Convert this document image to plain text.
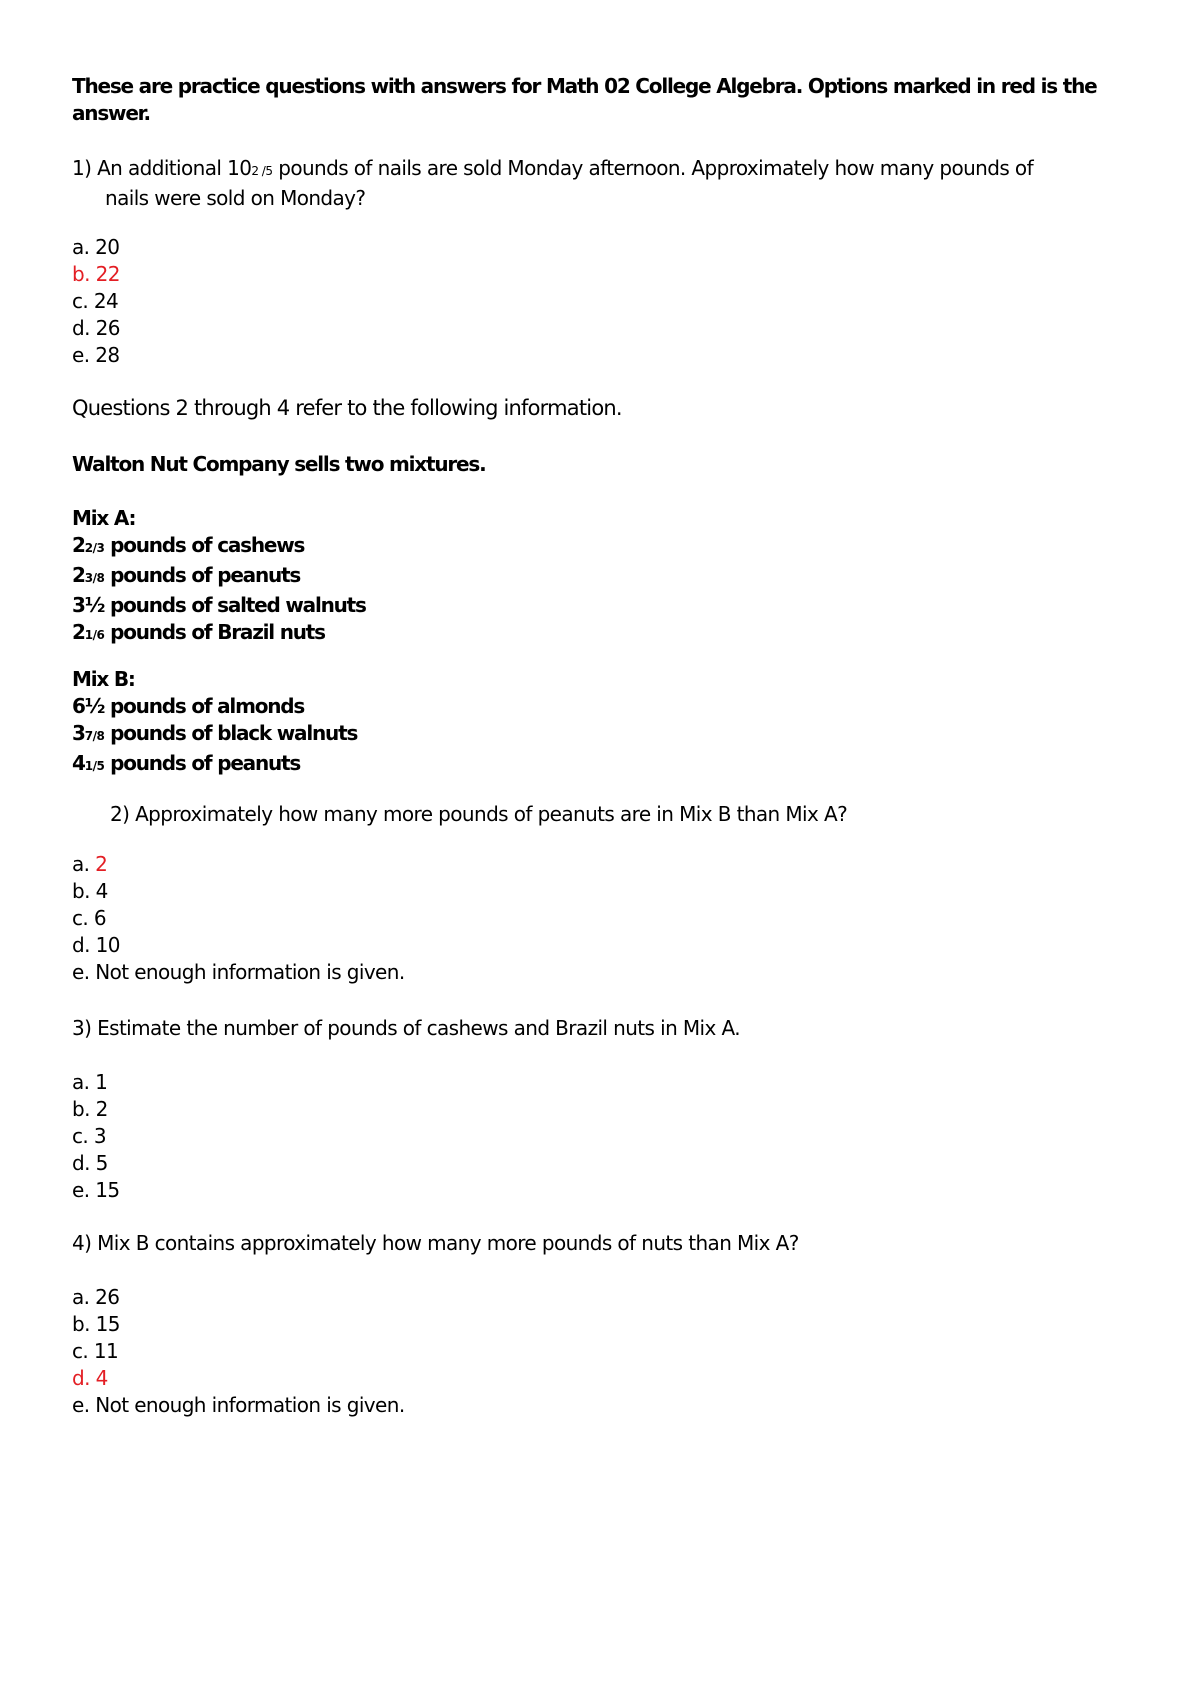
These are practice questions with answers for Math 02 College Algebra. Options marked in red is the

answer.

1) An additional 102 /5 pounds of nails are sold Monday afternoon. Approximately how many pounds of

nails were sold on Monday?

a. 20

b. 22

c. 24

d. 26

e. 28

Questions 2 through 4 refer to the following information.

Walton Nut Company sells two mixtures.

Mix A:

22/3 pounds of cashews

23/8 pounds of peanuts

3½ pounds of salted walnuts

21/6 pounds of Brazil nuts

Mix B:

6½ pounds of almonds

37/8 pounds of black walnuts

41/5 pounds of peanuts

2) Approximately how many more pounds of peanuts are in Mix B than Mix A?

a. 2

b. 4

c. 6

d. 10

e. Not enough information is given.

3) Estimate the number of pounds of cashews and Brazil nuts in Mix A.

a. 1

b. 2

c. 3

d. 5

e. 15

4) Mix B contains approximately how many more pounds of nuts than Mix A?

a. 26

b. 15

c. 11

d. 4

e. Not enough information is given.
